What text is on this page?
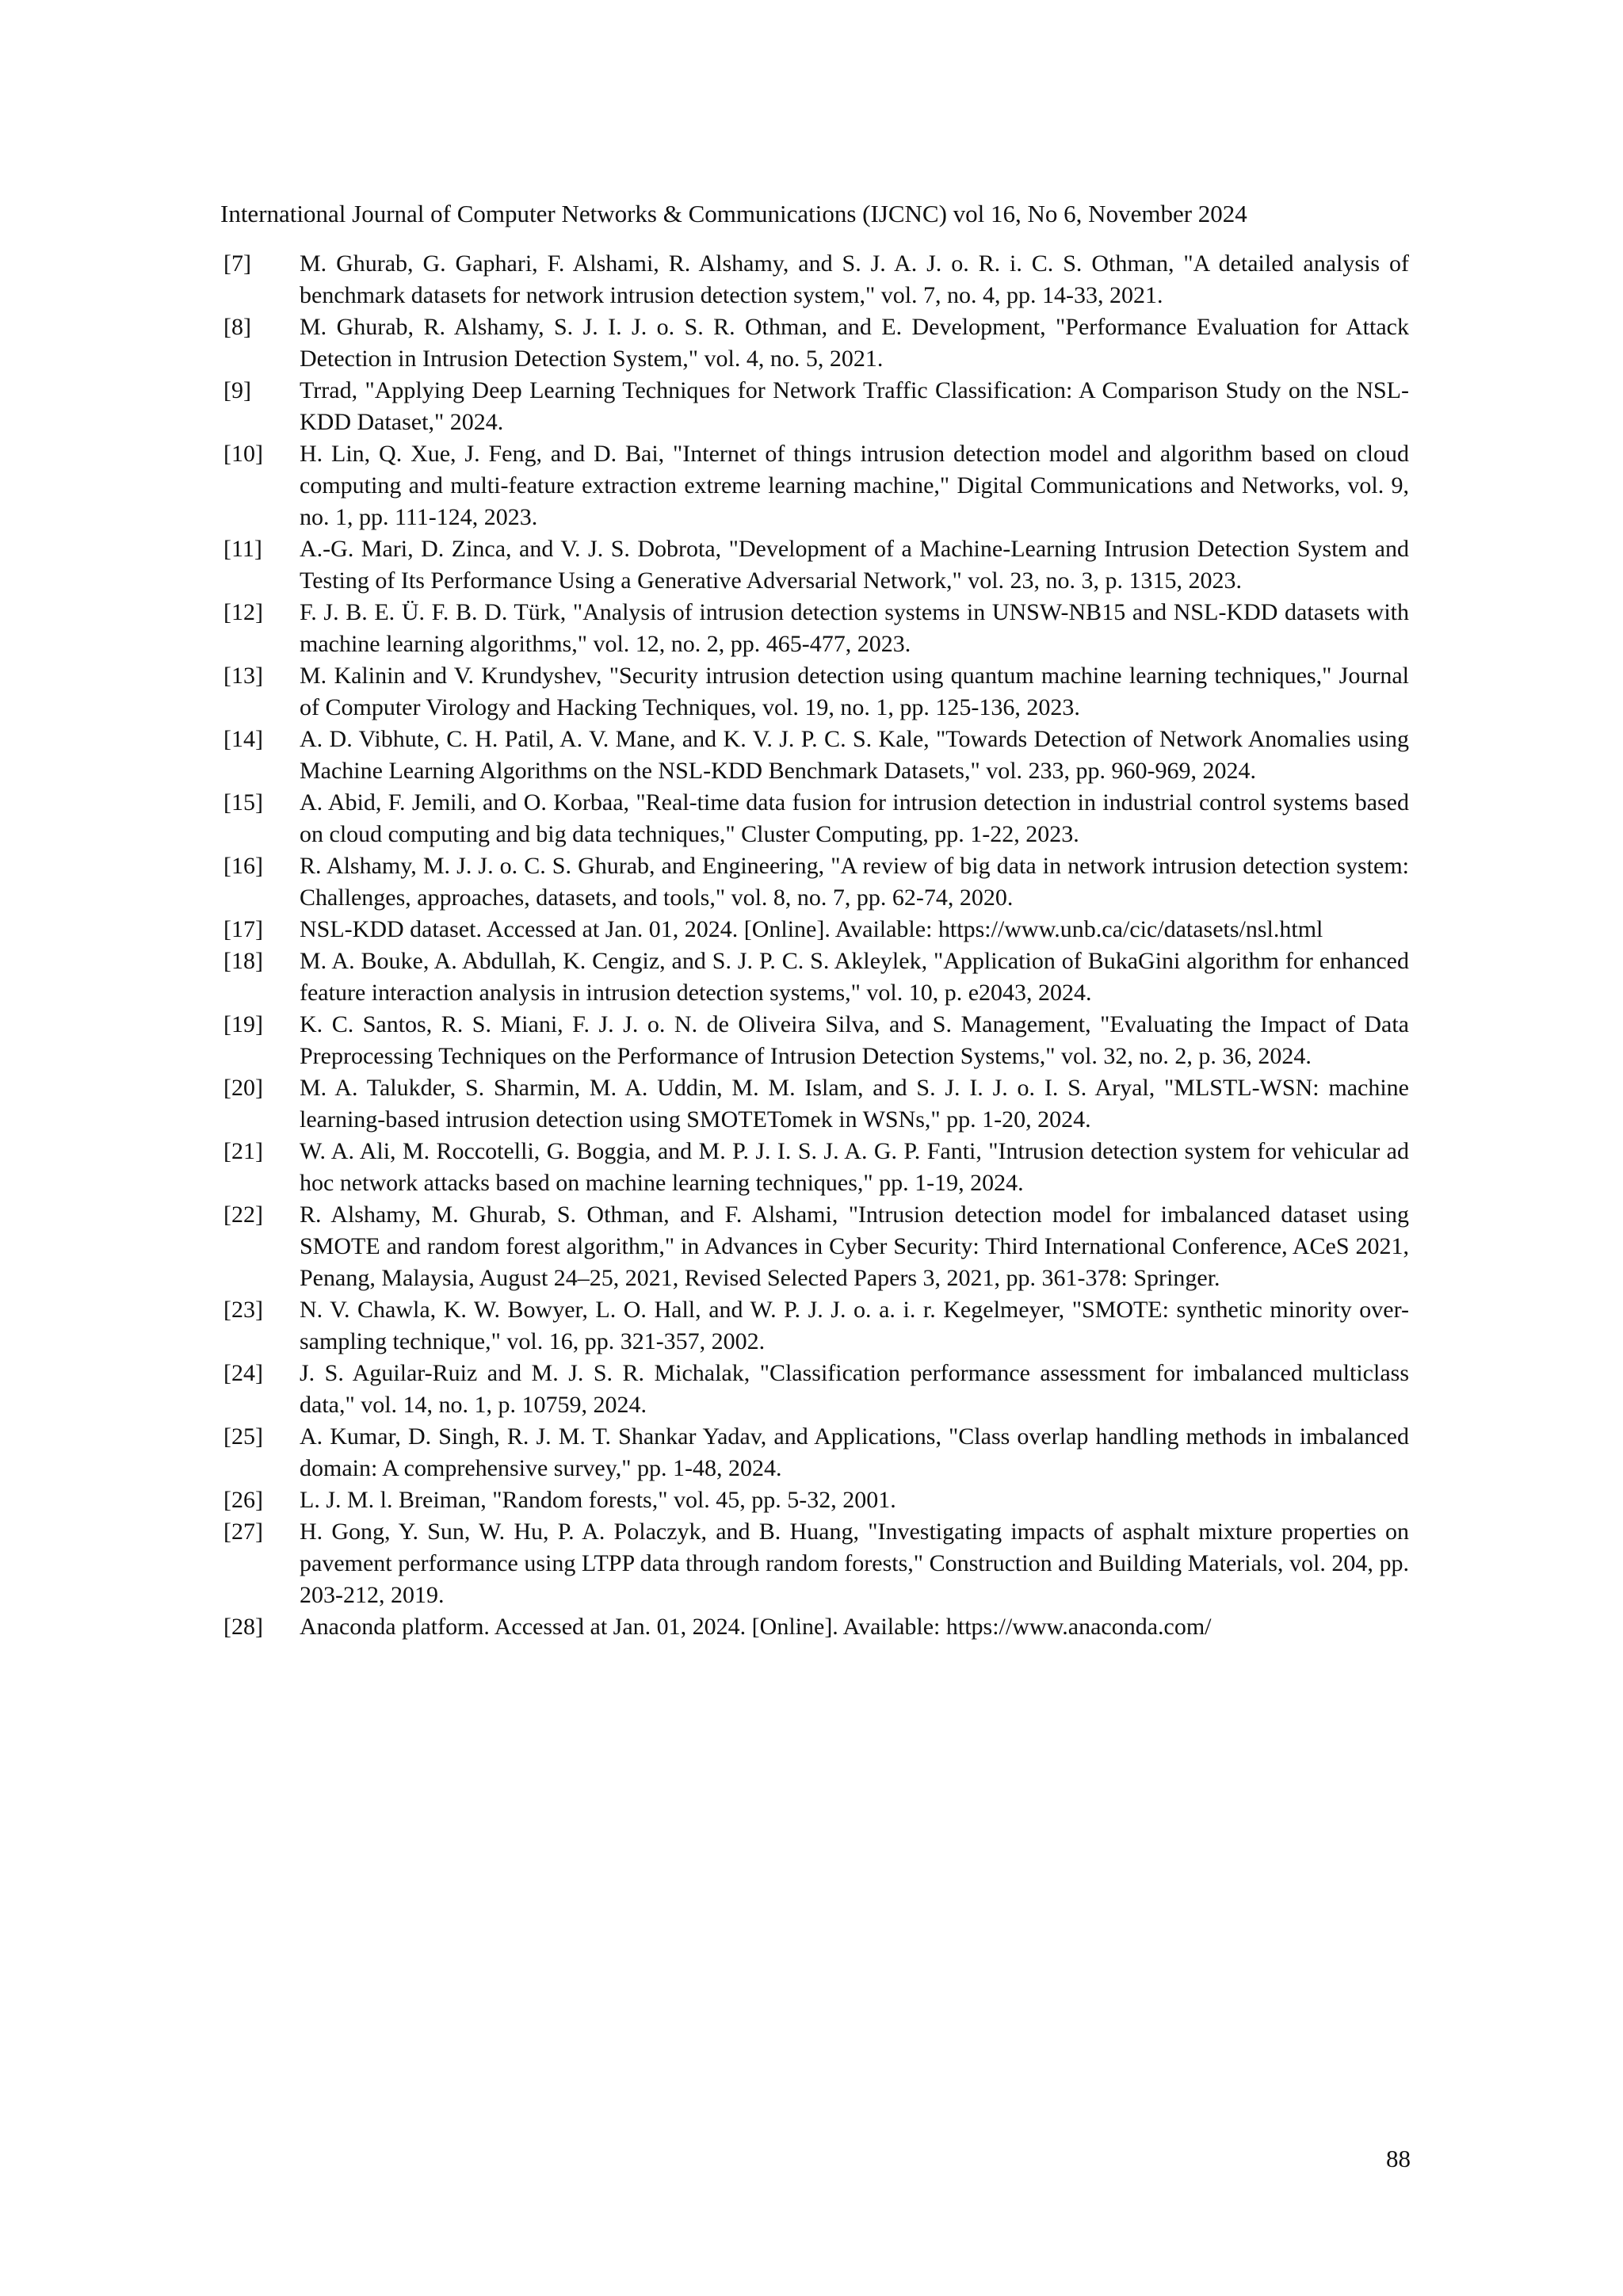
International Journal of Computer Networks & Communications (IJCNC) vol 16, No 6, November 2024
[7]	M. Ghurab, G. Gaphari, F. Alshami, R. Alshamy, and S. J. A. J. o. R. i. C. S. Othman, "A detailed analysis of benchmark datasets for network intrusion detection system," vol. 7, no. 4, pp. 14-33, 2021.
[8]	M. Ghurab, R. Alshamy, S. J. I. J. o. S. R. Othman, and E. Development, "Performance Evaluation for Attack Detection in Intrusion Detection System," vol. 4, no. 5, 2021.
[9]	Trrad, "Applying Deep Learning Techniques for Network Traffic Classification: A Comparison Study on the NSL-KDD Dataset," 2024.
[10]	H. Lin, Q. Xue, J. Feng, and D. Bai, "Internet of things intrusion detection model and algorithm based on cloud computing and multi-feature extraction extreme learning machine," Digital Communications and Networks, vol. 9, no. 1, pp. 111-124, 2023.
[11]	A.-G. Mari, D. Zinca, and V. J. S. Dobrota, "Development of a Machine-Learning Intrusion Detection System and Testing of Its Performance Using a Generative Adversarial Network," vol. 23, no. 3, p. 1315, 2023.
[12]	F. J. B. E. Ü. F. B. D. Türk, "Analysis of intrusion detection systems in UNSW-NB15 and NSL-KDD datasets with machine learning algorithms," vol. 12, no. 2, pp. 465-477, 2023.
[13]	M. Kalinin and V. Krundyshev, "Security intrusion detection using quantum machine learning techniques," Journal of Computer Virology and Hacking Techniques, vol. 19, no. 1, pp. 125-136, 2023.
[14]	A. D. Vibhute, C. H. Patil, A. V. Mane, and K. V. J. P. C. S. Kale, "Towards Detection of Network Anomalies using Machine Learning Algorithms on the NSL-KDD Benchmark Datasets," vol. 233, pp. 960-969, 2024.
[15]	A. Abid, F. Jemili, and O. Korbaa, "Real-time data fusion for intrusion detection in industrial control systems based on cloud computing and big data techniques," Cluster Computing, pp. 1-22, 2023.
[16]	R. Alshamy, M. J. J. o. C. S. Ghurab, and Engineering, "A review of big data in network intrusion detection system: Challenges, approaches, datasets, and tools," vol. 8, no. 7, pp. 62-74, 2020.
[17]	NSL-KDD dataset. Accessed at Jan. 01, 2024. [Online]. Available: https://www.unb.ca/cic/datasets/nsl.html
[18]	M. A. Bouke, A. Abdullah, K. Cengiz, and S. J. P. C. S. Akleylek, "Application of BukaGini algorithm for enhanced feature interaction analysis in intrusion detection systems," vol. 10, p. e2043, 2024.
[19]	K. C. Santos, R. S. Miani, F. J. J. o. N. de Oliveira Silva, and S. Management, "Evaluating the Impact of Data Preprocessing Techniques on the Performance of Intrusion Detection Systems," vol. 32, no. 2, p. 36, 2024.
[20]	M. A. Talukder, S. Sharmin, M. A. Uddin, M. M. Islam, and S. J. I. J. o. I. S. Aryal, "MLSTL-WSN: machine learning-based intrusion detection using SMOTETomek in WSNs," pp. 1-20, 2024.
[21]	W. A. Ali, M. Roccotelli, G. Boggia, and M. P. J. I. S. J. A. G. P. Fanti, "Intrusion detection system for vehicular ad hoc network attacks based on machine learning techniques," pp. 1-19, 2024.
[22]	R. Alshamy, M. Ghurab, S. Othman, and F. Alshami, "Intrusion detection model for imbalanced dataset using SMOTE and random forest algorithm," in Advances in Cyber Security: Third International Conference, ACeS 2021, Penang, Malaysia, August 24–25, 2021, Revised Selected Papers 3, 2021, pp. 361-378: Springer.
[23]	N. V. Chawla, K. W. Bowyer, L. O. Hall, and W. P. J. J. o. a. i. r. Kegelmeyer, "SMOTE: synthetic minority over-sampling technique," vol. 16, pp. 321-357, 2002.
[24]	J. S. Aguilar-Ruiz and M. J. S. R. Michalak, "Classification performance assessment for imbalanced multiclass data," vol. 14, no. 1, p. 10759, 2024.
[25]	A. Kumar, D. Singh, R. J. M. T. Shankar Yadav, and Applications, "Class overlap handling methods in imbalanced domain: A comprehensive survey," pp. 1-48, 2024.
[26]	L. J. M. l. Breiman, "Random forests," vol. 45, pp. 5-32, 2001.
[27]	H. Gong, Y. Sun, W. Hu, P. A. Polaczyk, and B. Huang, "Investigating impacts of asphalt mixture properties on pavement performance using LTPP data through random forests," Construction and Building Materials, vol. 204, pp. 203-212, 2019.
[28]	Anaconda platform. Accessed at Jan. 01, 2024. [Online]. Available: https://www.anaconda.com/
88
